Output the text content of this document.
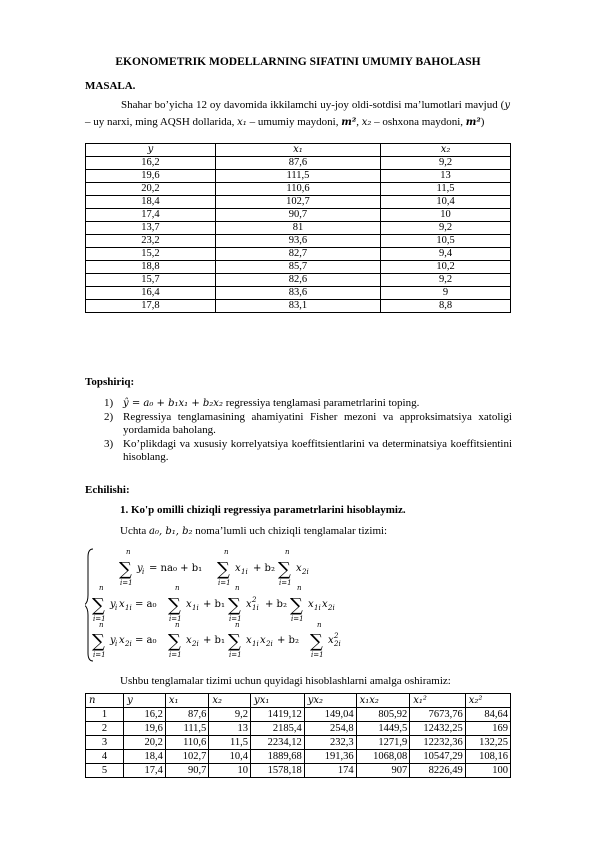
EKONOMETRIK MODELLARNING SIFATINI UMUMIY BAHOLASH
MASALA.
Shahar bo’yicha 12 oy davomida ikkilamchi uy-joy oldi-sotdisi ma’lumotlari mavjud (y – uy narxi, ming AQSH dollarida, x₁ – umumiy maydoni, m², x₂ – oshxona maydoni, m²)
y	x₁	x₂
16,2	87,6	9,2
19,6	111,5	13
20,2	110,6	11,5
18,4	102,7	10,4
17,4	90,7	10
13,7	81	9,2
23,2	93,6	10,5
15,2	82,7	9,4
18,8	85,7	10,2
15,7	82,6	9,2
16,4	83,6	9
17,8	83,1	8,8
Topshiriq:
1) ŷ = a₀ + b₁x₁ + b₂x₂ regressiya tenglamasi parametrlarini toping.
2) Regressiya tenglamasining ahamiyatini Fisher mezoni va approksimatsiya xatoligi yordamida baholang.
3) Ko’plikdagi va xususiy korrelyatsiya koeffitsientlarini va determinatsiya koeffitsientini hisoblang.
Echilishi:
1. Ko'p omilli chiziqli regressiya parametrlarini hisoblaymiz.
Uchta a₀, b₁, b₂ noma’lumli uch chiziqli tenglamalar tizimi:
n
∑
i=1
y i = na₀ + b₁
n
∑
i=1
x 1i + b₂
n
∑
i=1
x 2i
n
∑
i=1
y i x 1i = a₀
n
∑
i=1
x 1i + b₁
n
∑
i=1
x 2
1i + b₂
n
∑
i=1
x 1i x 2i
n
∑
i=1
y i x 2i = a₀
n
∑
i=1
x 2i + b₁
n
∑
i=1
x 1i x 2i + b₂
n
∑
i=1
x 2
2i
Ushbu tenglamalar tizimi uchun quyidagi hisoblashlarni amalga oshiramiz:
n	y	x₁	x₂	yx₁	yx₂	x₁x₂	x₁²	x₂²
1	16,2	87,6	9,2	1419,12	149,04	805,92	7673,76	84,64
2	19,6	111,5	13	2185,4	254,8	1449,5	12432,25	169
3	20,2	110,6	11,5	2234,12	232,3	1271,9	12232,36	132,25
4	18,4	102,7	10,4	1889,68	191,36	1068,08	10547,29	108,16
5	17,4	90,7	10	1578,18	174	907	8226,49	100
